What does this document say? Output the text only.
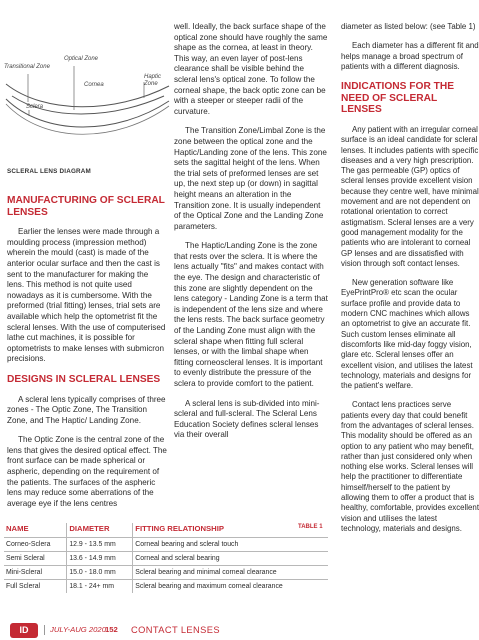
Transitional Zone
Optical Zone
Cornea
Haptic Zone
Sclera
SCLERAL LENS DIAGRAM
MANUFACTURING OF SCLERAL LENSES

Earlier the lenses were made through a moulding process (impression method) wherein the mould (cast) is made of the anterior ocular surface and then the cast is sent to the manufacturer for making the lens. This method is not quite used nowadays as it is cumbersome. With the preformed (trial fitting) lenses, trial sets are available which help the optometrist fit the scleral lenses. With the use of computerised lathe cut machines, it is possible for optometrists to make lenses with submicron precisions.

DESIGNS IN SCLERAL LENSES

A scleral lens typically comprises of three zones - The Optic Zone, The Transition Zone, and The Haptic/ Landing Zone.

The Optic Zone is the central zone of the lens that gives the desired optical effect. The front surface can be made spherical or aspheric, depending on the requirement of the patients. The surfaces of the aspheric lens may reduce some aberrations of the average eye if the lens centres

well. Ideally, the back surface shape of the optical zone should have roughly the same shape as the cornea, at least in theory. This way, an even layer of post-lens clearance shall be visible behind the scleral lens's optical zone. To follow the corneal shape, the back optic zone can be with a steeper or steeper radii of the curvature.

The Transition Zone/Limbal Zone is the zone between the optical zone and the Haptic/Landing zone of the lens. This zone sets the sagittal height of the lens. When the trial sets of preformed lenses are set up, the next step up (or down) in sagittal height means an alteration in the Transition zone. It is usually independent of the Optical Zone and the Landing Zone parameters.

The Haptic/Landing Zone is the zone that rests over the sclera. It is where the lens actually "fits" and makes contact with the eye. The design and characteristic of this zone are slightly dependent on the lens category - Landing Zone is a term that is independent of the lens size and where the lens rests. The back surface geometry of the Landing Zone must align with the scleral shape when fitting full scleral lenses, or with the limbal shape when fitting corneoscleral lenses. It is important to evenly distribute the pressure of the sclera to provide comfort to the patient.

A scleral lens is sub-divided into mini-scleral and full-scleral. The Scleral Lens Education Society defines scleral lenses via their overall

diameter as listed below: (see Table 1)

Each diameter has a different fit and helps manage a broad spectrum of patients with a different diagnosis.

INDICATIONS FOR THE NEED OF SCLERAL LENSES

Any patient with an irregular corneal surface is an ideal candidate for scleral lenses. It includes patients with specific diseases and a very high prescription. The gas permeable (GP) optics of scleral lenses provide excellent vision because they centre well, have minimal movement and are not dependent on rotational orientation to correct astigmatism. Scleral lenses are a very good management modality for the patients who are intolerant to corneal GP lenses and are dissatisfied with vision through soft contact lenses.

New generation software like EyePrintPro® etc scan the ocular surface profile and provide data to modern CNC machines which allows an optometrist to give an accurate fit. Such custom lenses eliminate all discomforts like mid-day foggy vision, glare etc. Scleral lenses offer an excellent vision, and utilises the latest technology, materials and designs for the patient's welfare.

Contact lens practices serve patients every day that could benefit from the advantages of scleral lenses. This modality should be offered as an option to any patient who may benefit, rather than just considered only when nothing else works. Scleral lenses will help the practitioner to differentiate himself/herself to the patient by allowing them to offer a product that is healthy, comfortable, provides excellent vision and utilises the latest technology, materials and designs.

TABLE 1
NAME	DIAMETER	FITTING RELATIONSHIP
Corneo-Sclera	12.9 - 13.5 mm	Corneal bearing and scleral touch
Semi Scleral	13.6 - 14.9 mm	Corneal and scleral bearing
Mini-Scleral	15.0 - 18.0 mm	Scleral bearing and minimal corneal clearance
Full Scleral	18.1 - 24+ mm	Scleral bearing and maximum corneal clearance
ID	JULY-AUG 2020 152 CONTACT LENSES
